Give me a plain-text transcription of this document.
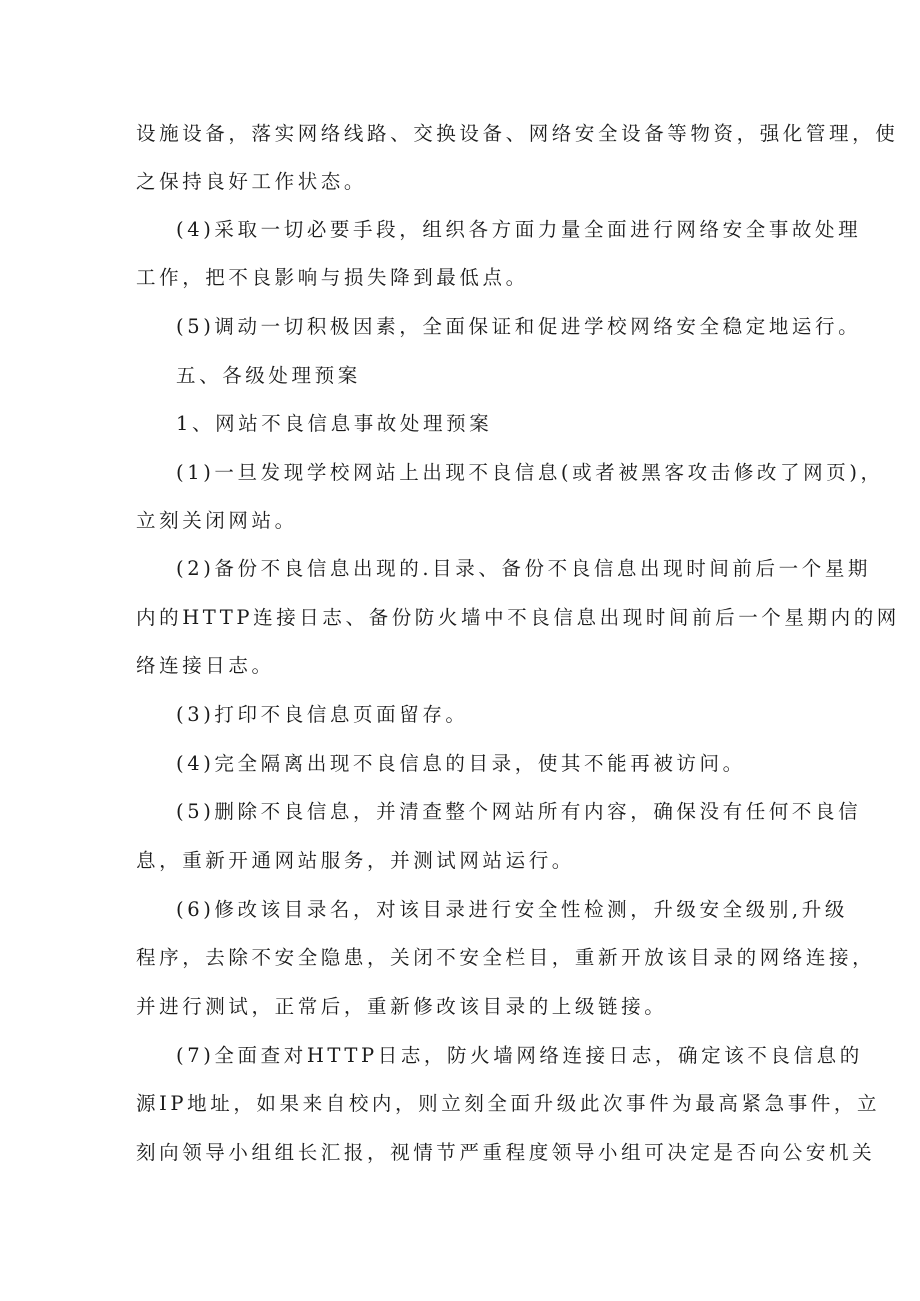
设施设备，落实网络线路、交换设备、网络安全设备等物资，强化管理，使
之保持良好工作状态。
(4)采取一切必要手段，组织各方面力量全面进行网络安全事故处理
工作，把不良影响与损失降到最低点。
(5)调动一切积极因素，全面保证和促进学校网络安全稳定地运行。
五、各级处理预案
1、网站不良信息事故处理预案
(1)一旦发现学校网站上出现不良信息(或者被黑客攻击修改了网页)，
立刻关闭网站。
(2)备份不良信息出现的.目录、备份不良信息出现时间前后一个星期
内的HTTP连接日志、备份防火墙中不良信息出现时间前后一个星期内的网
络连接日志。
(3)打印不良信息页面留存。
(4)完全隔离出现不良信息的目录，使其不能再被访问。
(5)删除不良信息，并清查整个网站所有内容，确保没有任何不良信
息，重新开通网站服务，并测试网站运行。
(6)修改该目录名，对该目录进行安全性检测，升级安全级别,升级
程序，去除不安全隐患，关闭不安全栏目，重新开放该目录的网络连接，
并进行测试，正常后，重新修改该目录的上级链接。
(7)全面查对HTTP日志，防火墙网络连接日志，确定该不良信息的
源IP地址，如果来自校内，则立刻全面升级此次事件为最高紧急事件，立
刻向领导小组组长汇报，视情节严重程度领导小组可决定是否向公安机关
